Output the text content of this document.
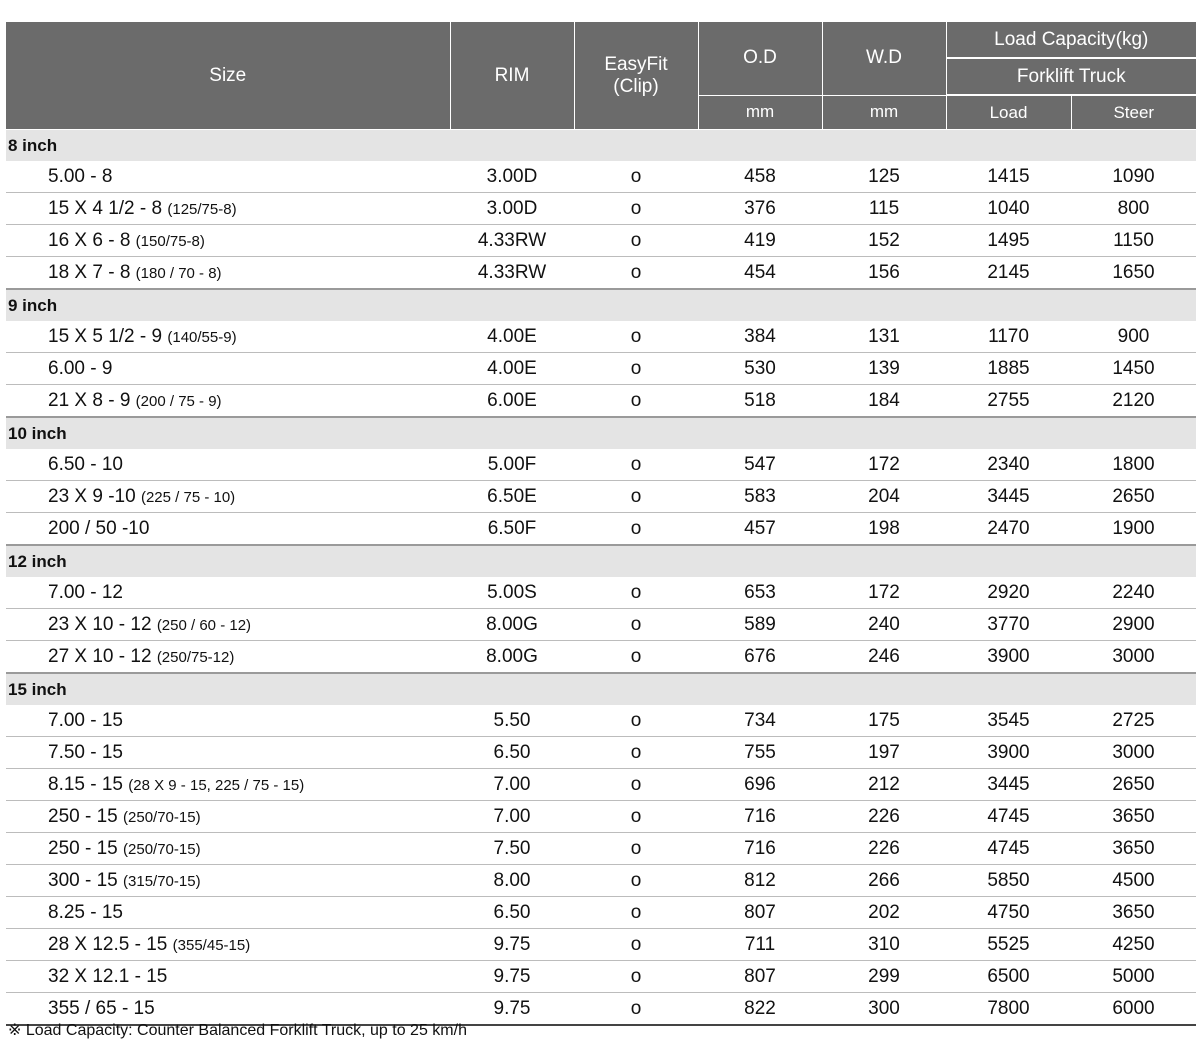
Size	RIM	EasyFit
(Clip)	O.D	W.D	Load Capacity(kg)	
					Forklift Truck	
			mm	mm	Load	Steer
8 inch						
5.00 - 8	3.00D	o	458	125	1415	1090
15 X 4 1/2 - 8 (125/75-8)	3.00D	o	376	115	1040	800
16 X 6 - 8 (150/75-8)	4.33RW	o	419	152	1495	1150
18 X 7 - 8 (180 / 70 - 8)	4.33RW	o	454	156	2145	1650
9 inch						
15 X 5 1/2 - 9 (140/55-9)	4.00E	o	384	131	1170	900
6.00 - 9	4.00E	o	530	139	1885	1450
21 X 8 - 9 (200 / 75 - 9)	6.00E	o	518	184	2755	2120
10 inch						
6.50 - 10	5.00F	o	547	172	2340	1800
23 X 9 -10 (225 / 75 - 10)	6.50E	o	583	204	3445	2650
200 / 50 -10	6.50F	o	457	198	2470	1900
12 inch						
7.00 - 12	5.00S	o	653	172	2920	2240
23 X 10 - 12 (250 / 60 - 12)	8.00G	o	589	240	3770	2900
27 X 10 - 12 (250/75-12)	8.00G	o	676	246	3900	3000
15 inch						
7.00 - 15	5.50	o	734	175	3545	2725
7.50 - 15	6.50	o	755	197	3900	3000
8.15 - 15 (28 X 9 - 15, 225 / 75 - 15)	7.00	o	696	212	3445	2650
250 - 15 (250/70-15)	7.00	o	716	226	4745	3650
250 - 15 (250/70-15)	7.50	o	716	226	4745	3650
300 - 15 (315/70-15)	8.00	o	812	266	5850	4500
8.25 - 15	6.50	o	807	202	4750	3650
28 X 12.5 - 15 (355/45-15)	9.75	o	711	310	5525	4250
32 X 12.1 - 15	9.75	o	807	299	6500	5000
355 / 65 - 15	9.75	o	822	300	7800	6000
※ Load Capacity: Counter Balanced Forklift Truck, up to 25 km/h
